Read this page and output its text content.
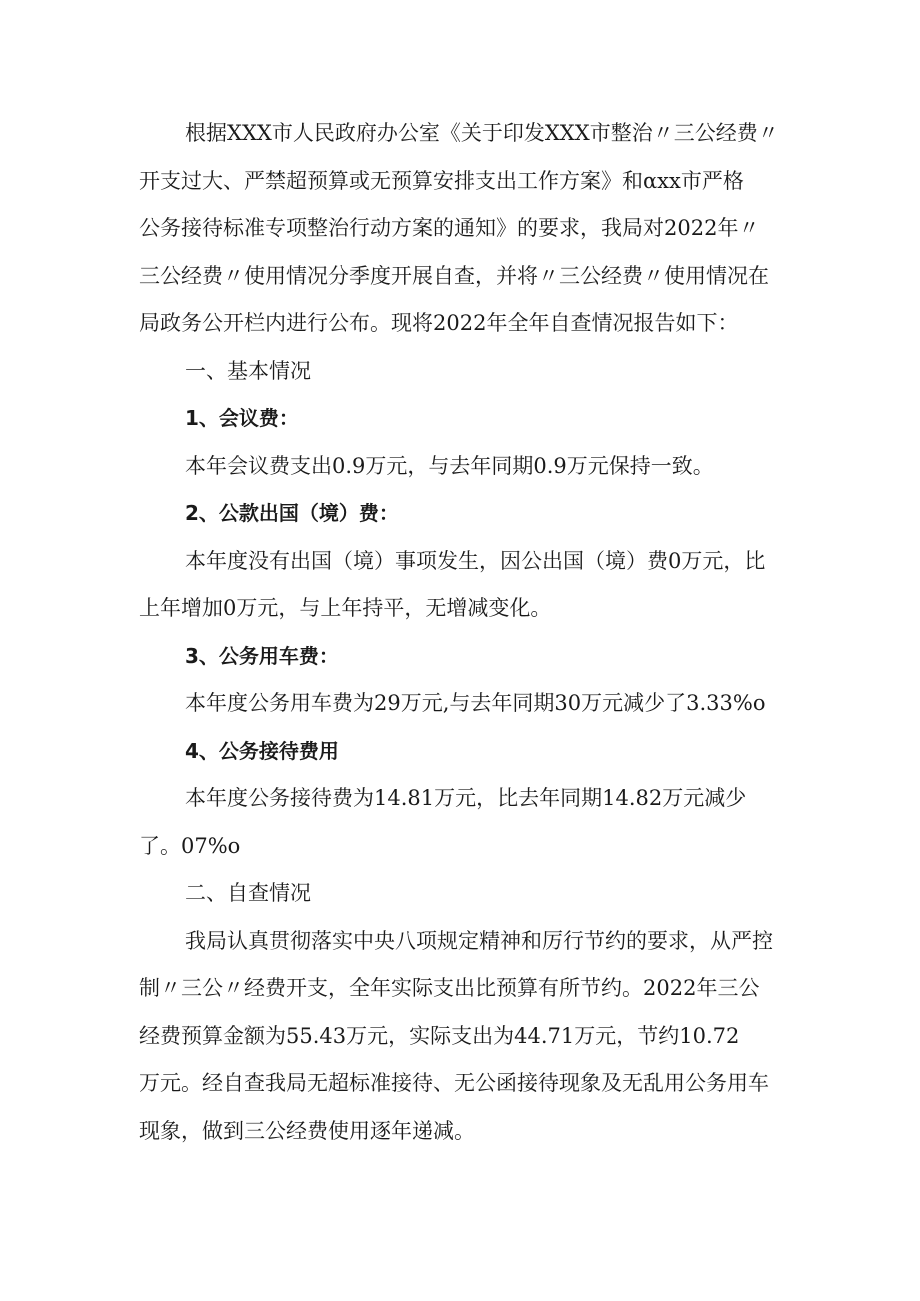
根据XXX市人民政府办公室《关于印发XXX市整治〃三公经费〃
开支过大、严禁超预算或无预算安排支出工作方案》和αxx市严格
公务接待标准专项整治行动方案的通知》的要求，我局对2022年〃
三公经费〃使用情况分季度开展自查，并将〃三公经费〃使用情况在
局政务公开栏内进行公布。现将2022年全年自查情况报告如下：
一、基本情况
1、会议费：
本年会议费支出0.9万元，与去年同期0.9万元保持一致。
2、公款出国（境）费：
本年度没有出国（境）事项发生，因公出国（境）费0万元，比
上年增加0万元，与上年持平，无增减变化。
3、公务用车费：
本年度公务用车费为29万元,与去年同期30万元减少了3.33%o
4、公务接待费用
本年度公务接待费为14.81万元，比去年同期14.82万元减少
了。07%o
二、自查情况
我局认真贯彻落实中央八项规定精神和厉行节约的要求，从严控
制〃三公〃经费开支，全年实际支出比预算有所节约。2022年三公
经费预算金额为55.43万元，实际支出为44.71万元，节约10.72
万元。经自查我局无超标准接待、无公函接待现象及无乱用公务用车
现象，做到三公经费使用逐年递减。
